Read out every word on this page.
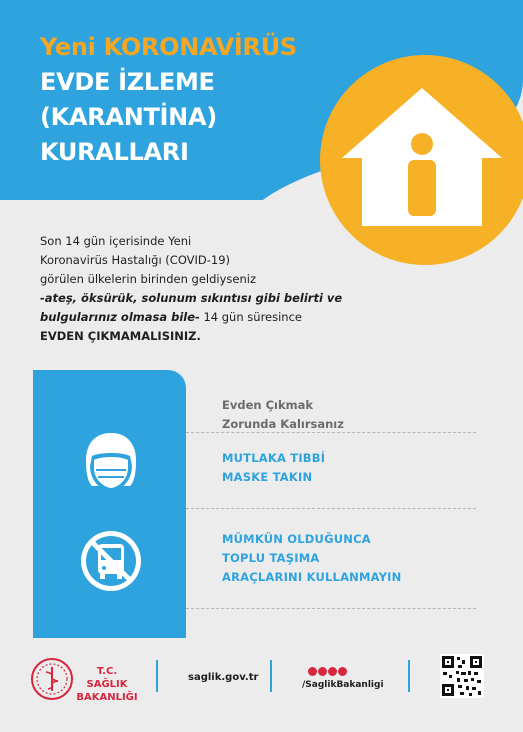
Yeni KORONAVİRÜS
EVDE İZLEME
(KARANTİNA)
KURALLARI
Son 14 gün içerisinde Yeni
Koronavirüs Hastalığı (COVID-19)
görülen ülkelerin birinden geldiyseniz
-ateş, öksürük, solunum sıkıntısı gibi belirti ve
bulgularınız olmasa bile- 14 gün süresince
EVDEN ÇIKMAMALISINIZ.
Evden Çıkmak
Zorunda Kalırsanız
MUTLAKA TIBBİ
MASKE TAKIN
MÜMKÜN OLDUĞUNCA
TOPLU TAŞIMA
ARAÇLARINI KULLANMAYIN
T.C. SAĞLIK
BAKANLIĞI
saglik.gov.tr
/SaglikBakanligi
